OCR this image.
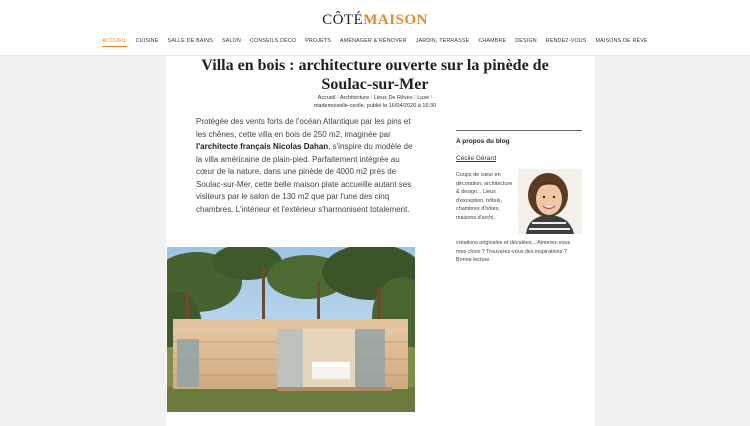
CÔTÉMAISON
ACCUEIL CUISINE SALLE DE BAINS SALON CONSEILS DÉCO PROJETS AMÉNAGER & RÉNOVER JARDIN, TERRASSE CHAMBRE DESIGN RENDEZ-VOUS MAISONS DE RÊVE
Villa en bois : architecture ouverte sur la pinède de Soulac-sur-Mer
Accueil / Architecture / Lieux De Rêves / Luxe /
mademoiselle-cecile, publié le 16/04/2020 à 16:30

Protégée des vents forts de l'océan Atlantique par les pins et les chênes, cette villa en bois de 250 m2, imaginée par l'architecte français Nicolas Dahan, s'inspire du modèle de la villa américaine de plain-pied. Parfaitement intégrée au cœur de la nature, dans une pinède de 4000 m2 près de Soulac-sur-Mer, cette belle maison plate accueille autant ses visiteurs par le salon de 130 m2 que par l'une des cinq chambres. L'intérieur et l'extérieur s'harmonisent totalement.

A propos du blog
Cécile Gérard
Coups de cœur en décoration, architecture & design... Lieux d'exception, hôtels, chambres d'hôtes, maisons d'archi,
créations originales et décalées... Aimerez-vous mes choix ? Trouverez-vous des inspirations ? Bonne lecture.
